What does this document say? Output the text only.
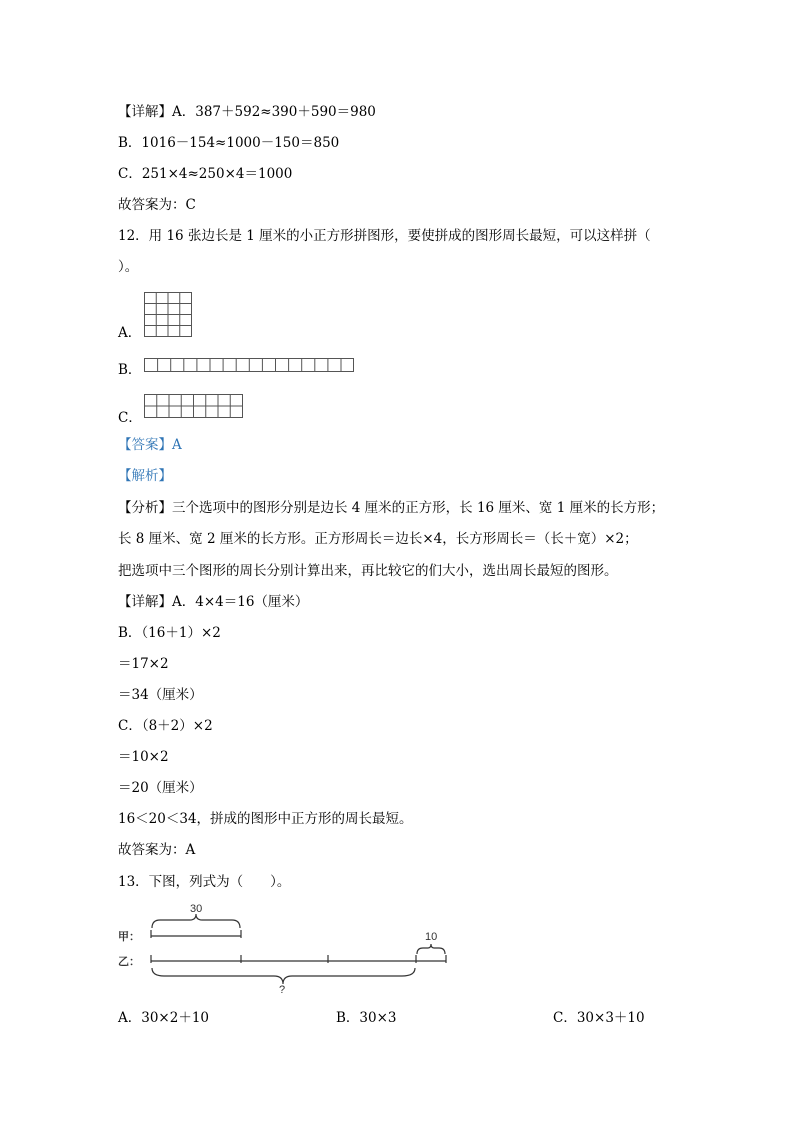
【详解】A．387＋592≈390＋590＝980
B．1016－154≈1000－150＝850
C．251×4≈250×4＝1000
故答案为：C
12．用 16 张边长是 1 厘米的小正方形拼图形，要使拼成的图形周长最短，可以这样拼（
）。
A．
B．
C．
【答案】A
【解析】
【分析】三个选项中的图形分别是边长 4 厘米的正方形，长 16 厘米、宽 1 厘米的长方形；
长 8 厘米、宽 2 厘米的长方形。正方形周长＝边长×4，长方形周长＝（长＋宽）×2；
把选项中三个图形的周长分别计算出来，再比较它的们大小，选出周长最短的图形。
【详解】A．4×4＝16（厘米）
B．（16＋1）×2
＝17×2
＝34（厘米）
C．（8＋2）×2
＝10×2
＝20（厘米）
16＜20＜34，拼成的图形中正方形的周长最短。
故答案为：A
13．下图，列式为（　　）。
甲：
乙：
30
10
?
A．30×2＋10	B．30×3	C．30×3＋10
